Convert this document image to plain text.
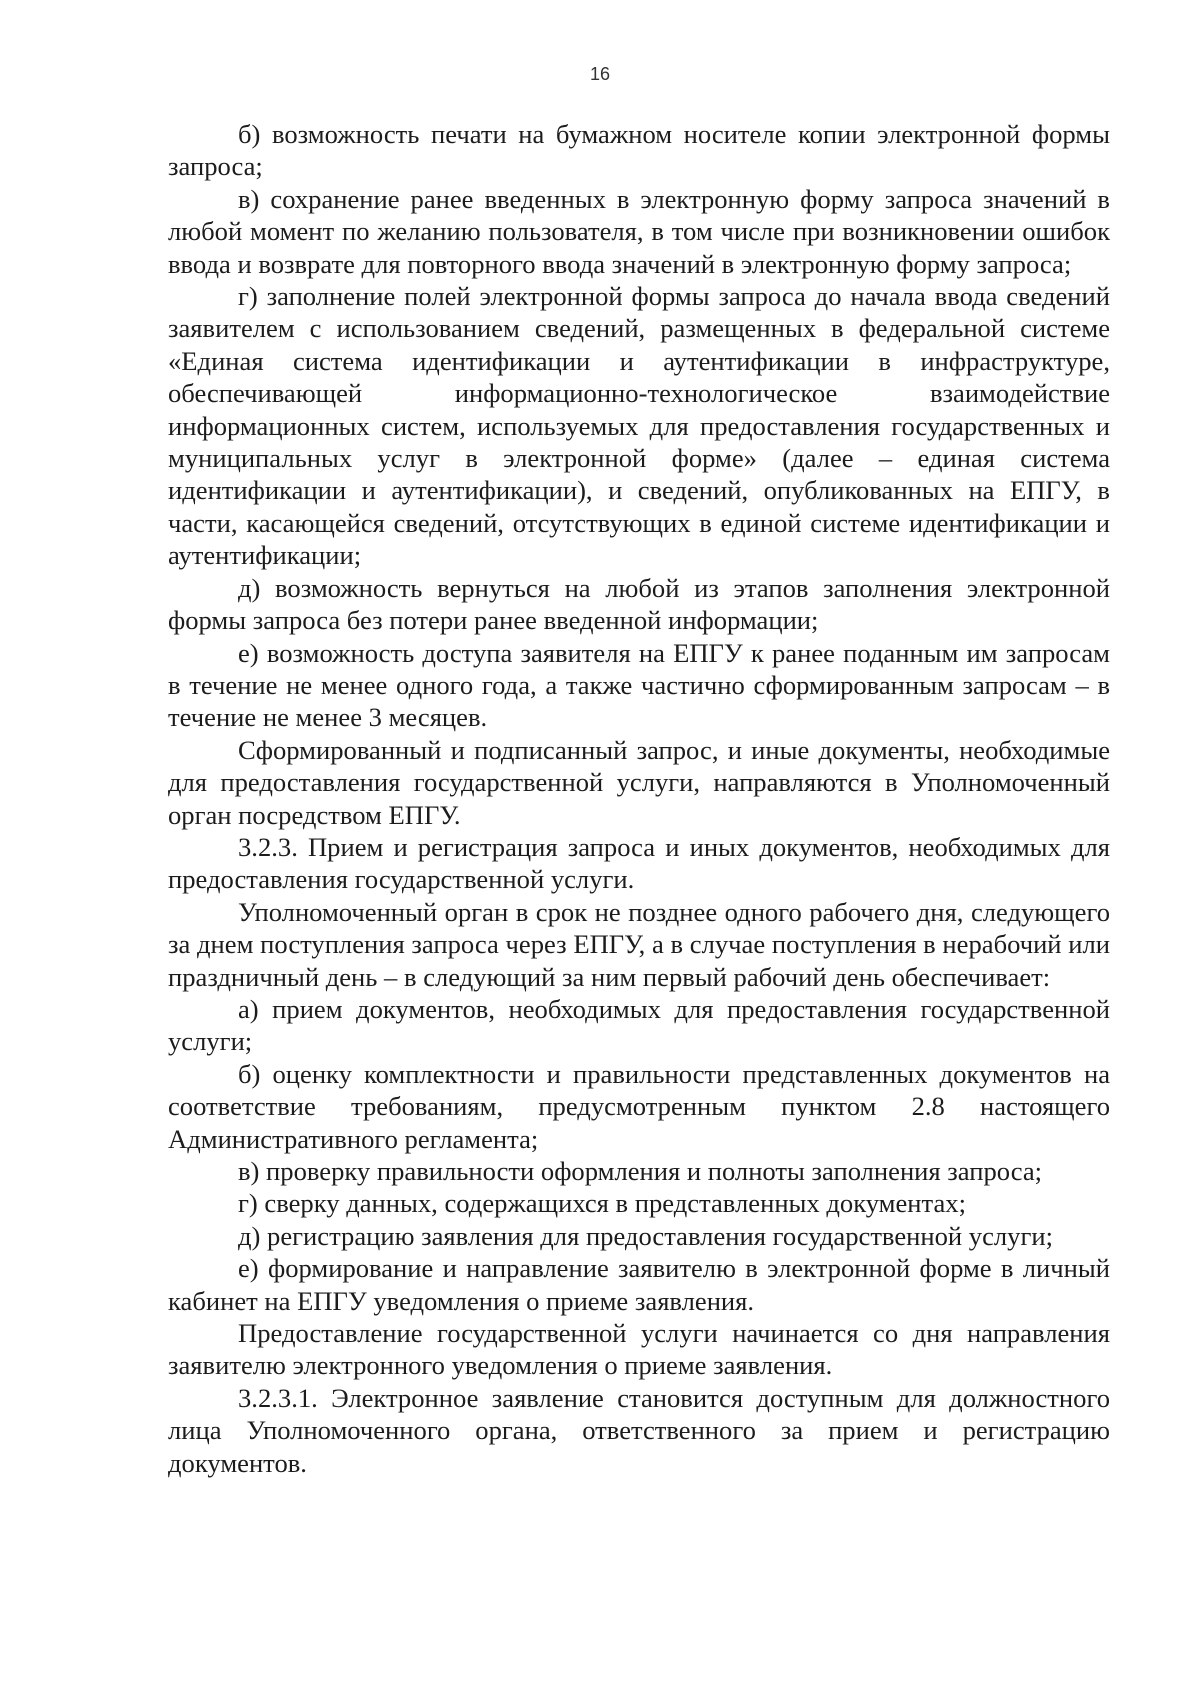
16

б) возможность печати на бумажном носителе копии электронной формы запроса;

в) сохранение ранее введенных в электронную форму запроса значений в любой момент по желанию пользователя, в том числе при возникновении ошибок ввода и возврате для повторного ввода значений в электронную форму запроса;

г) заполнение полей электронной формы запроса до начала ввода сведений заявителем с использованием сведений, размещенных в федеральной системе «Единая система идентификации и аутентификации в инфраструктуре, обеспечивающей информационно-технологическое взаимодействие информационных систем, используемых для предоставления государственных и муниципальных услуг в электронной форме» (далее – единая система идентификации и аутентификации), и сведений, опубликованных на ЕПГУ, в части, касающейся сведений, отсутствующих в единой системе идентификации и аутентификации;

д) возможность вернуться на любой из этапов заполнения электронной формы запроса без потери ранее введенной информации;

е) возможность доступа заявителя на ЕПГУ к ранее поданным им запросам в течение не менее одного года, а также частично сформированным запросам – в течение не менее 3 месяцев.

Сформированный и подписанный запрос, и иные документы, необходимые для предоставления государственной услуги, направляются в Уполномоченный орган посредством ЕПГУ.

3.2.3. Прием и регистрация запроса и иных документов, необходимых для предоставления государственной услуги.

Уполномоченный орган в срок не позднее одного рабочего дня, следующего за днем поступления запроса через ЕПГУ, а в случае поступления в нерабочий или праздничный день – в следующий за ним первый рабочий день обеспечивает:

а) прием документов, необходимых для предоставления государственной услуги;

б) оценку комплектности и правильности представленных документов на соответствие требованиям, предусмотренным пунктом 2.8 настоящего Административного регламента;

в) проверку правильности оформления и полноты заполнения запроса;

г) сверку данных, содержащихся в представленных документах;

д) регистрацию заявления для предоставления государственной услуги;

е) формирование и направление заявителю в электронной форме в личный кабинет на ЕПГУ уведомления о приеме заявления.

Предоставление государственной услуги начинается со дня направления заявителю электронного уведомления о приеме заявления.

3.2.3.1. Электронное заявление становится доступным для должностного лица Уполномоченного органа, ответственного за прием и регистрацию документов.
